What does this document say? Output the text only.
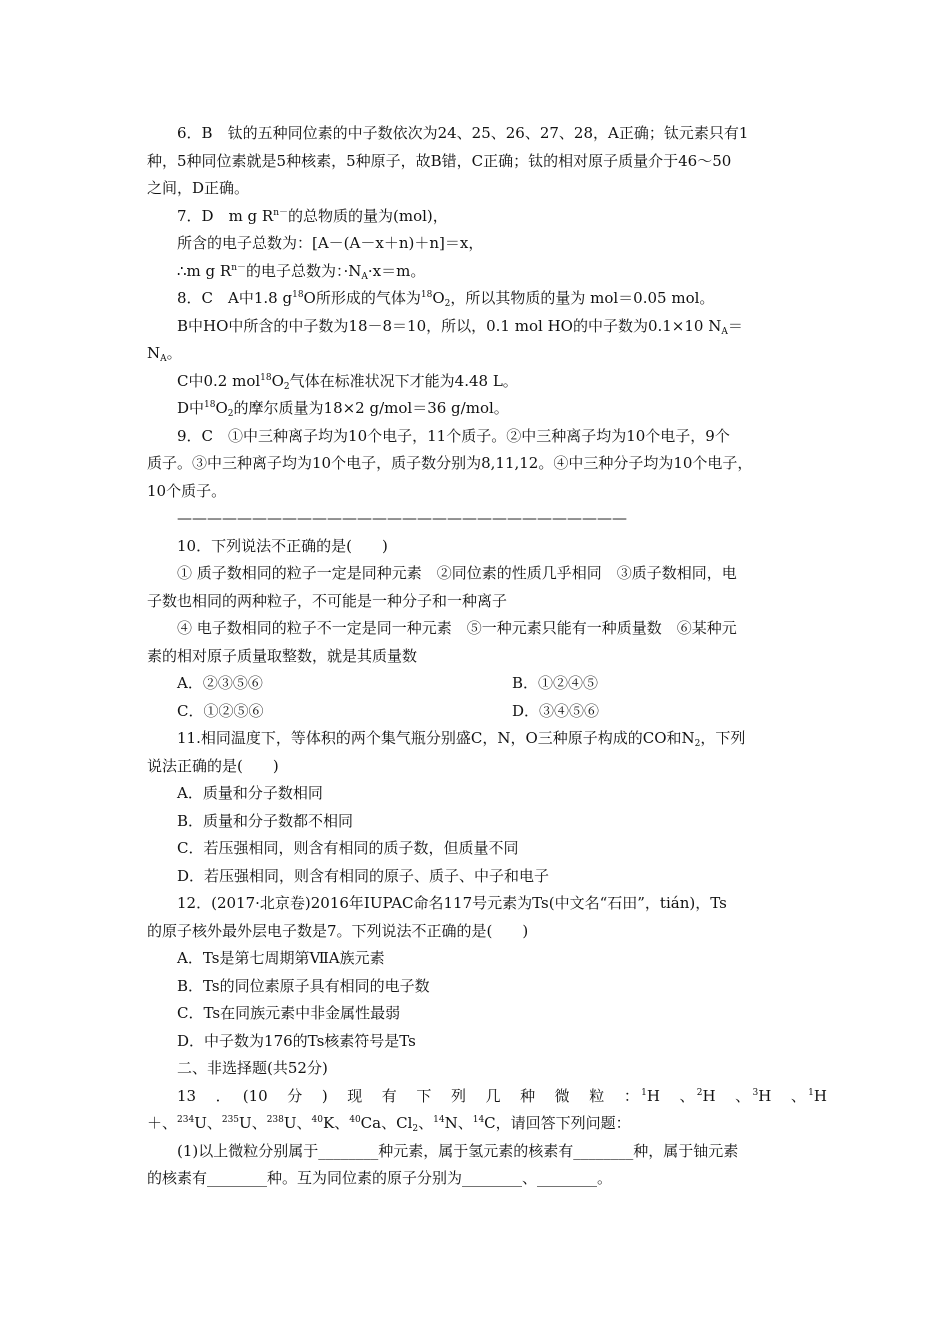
6．B　钛的五种同位素的中子数依次为24、25、26、27、28，A正确；钛元素只有1

种，5种同位素就是5种核素，5种原子，故B错，C正确；钛的相对原子质量介于46～50

之间，D正确。

7．D　m g $R^{n-}$的总物质的量为(mol)，

所含的电子总数为：[A－(A－x＋n)＋n]＝x，

∴m g $R^{n-}$的电子总数为：$\cdot N_A\cdot x=m$。

8．C　A中1.8 $g^{18}O$所形成的气体为$^{18}O_2$，所以其物质的量为 mol＝0.05 mol。

B中HO中所含的中子数为18－8＝10，所以，0.1 mol HO的中子数为0.1×10 $N_A=$

$N_A$。

C中0.2 $mol^{18}O_2$气体在标准状况下才能为4.48 L。

D中$^{18}O_2$的摩尔质量为18×2 g/mol＝36 g/mol。

9．C　①中三种离子均为10个电子，11个质子。②中三种离子均为10个电子，9个

质子。③中三种离子均为10个电子，质子数分别为8,11,12。④中三种分子均为10个电子，

10个质子。

——————————————————————————————

10．下列说法不正确的是(　　)

① 质子数相同的粒子一定是同种元素　②同位素的性质几乎相同　③质子数相同，电

子数也相同的两种粒子，不可能是一种分子和一种离子

④ 电子数相同的粒子不一定是同一种元素　⑤一种元素只能有一种质量数　⑥某种元

素的相对原子质量取整数，就是其质量数

A．②③⑤⑥	B．①②④⑤
C．①②⑤⑥	D．③④⑤⑥

11.相同温度下，等体积的两个集气瓶分别盛C，N，O三种原子构成的CO和$N_2$，下列

说法正确的是(　　)

A．质量和分子数相同

B．质量和分子数都不相同

C．若压强相同，则含有相同的质子数，但质量不同

D．若压强相同，则含有相同的原子、质子、中子和电子

12．(2017·北京卷)2016年IUPAC命名117号元素为Ts(中文名“石田”，tián)，Ts

的原子核外最外层电子数是7。下列说法不正确的是(　　)

A．Ts是第七周期第ⅦA族元素

B．Ts的同位素原子具有相同的电子数

C．Ts在同族元素中非金属性最弱

D．中子数为176的Ts核素符号是Ts

二、非选择题(共52分)

13　．　(10　分　)　现　有　下　列　几　种　微　粒　：$^1$H　、$^2$H　、$^3$H　、$^1$H

＋、$^{234}$U、$^{235}$U、$^{238}$U、$^{40}$K、$^{40}$Ca、$Cl_2$、$^{14}$N、$^{14}$C，请回答下列问题：

(1)以上微粒分别属于________种元素，属于氢元素的核素有________种，属于铀元素

的核素有________种。互为同位素的原子分别为________、________。
